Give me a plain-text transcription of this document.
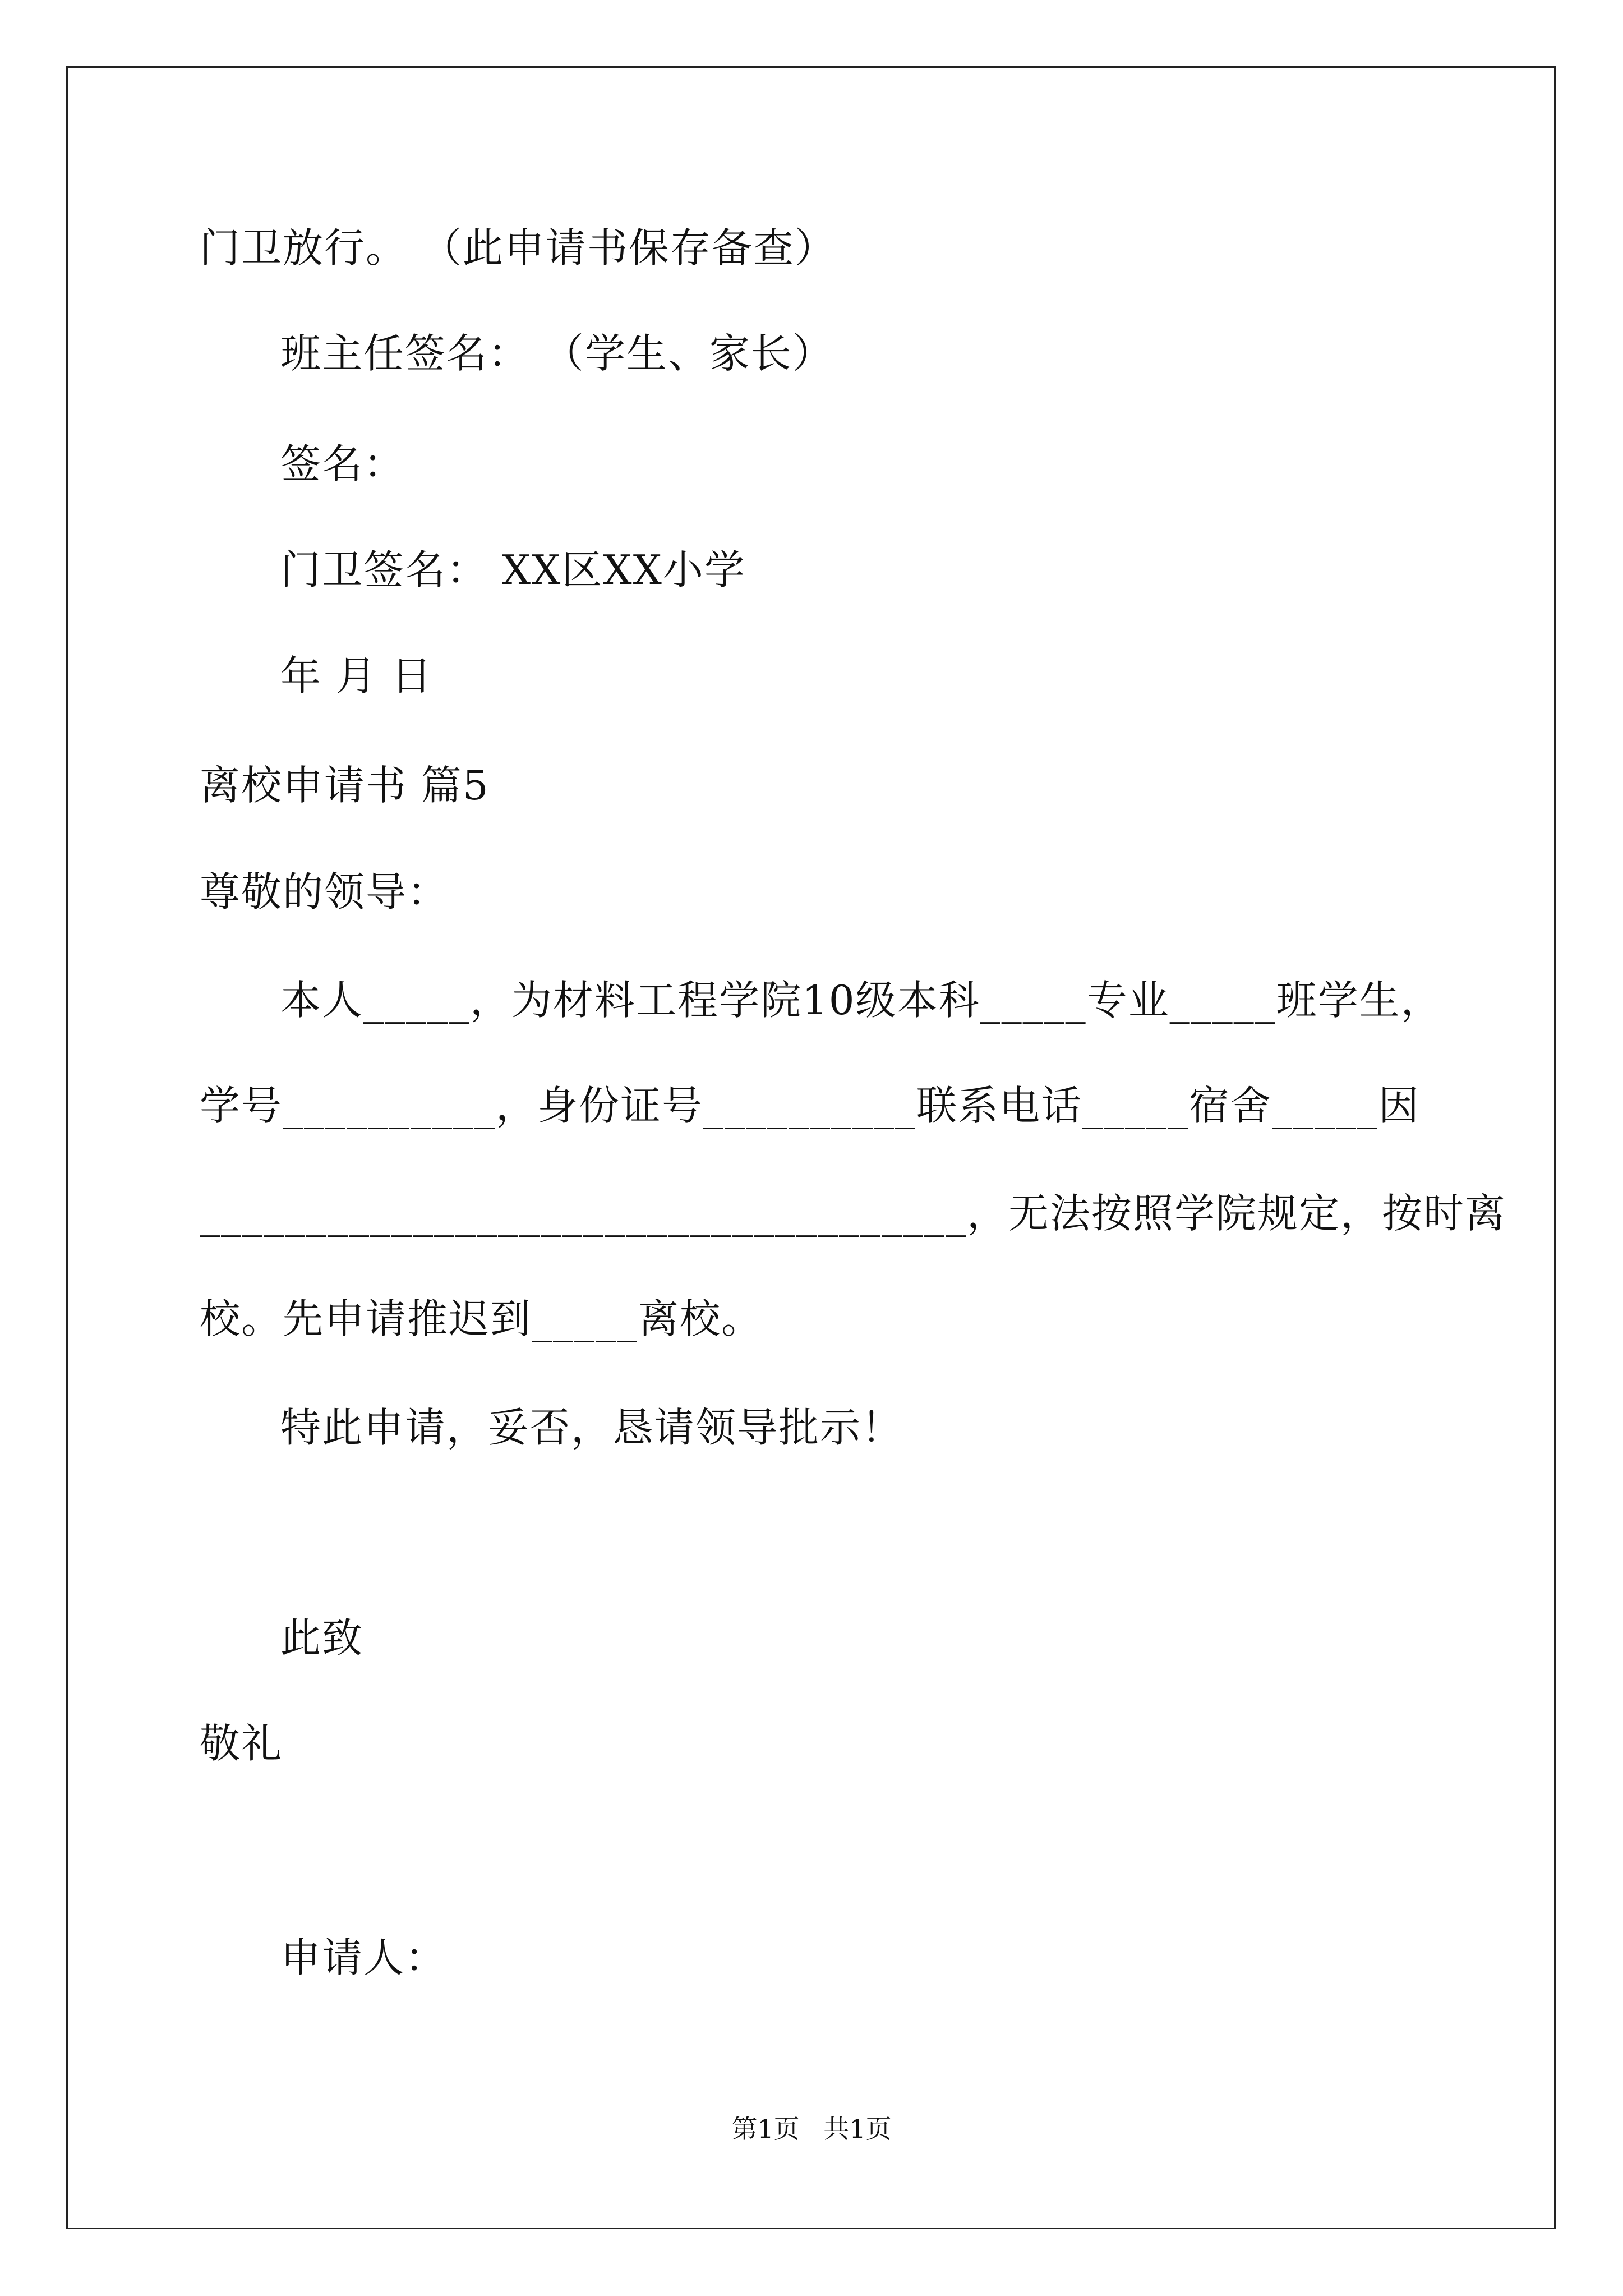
门卫放行。 （此申请书保存备查）
班主任签名： （学生、家长）
签名：
门卫签名： XX区XX小学
年 月 日
离校申请书 篇5
尊敬的领导：
本人_____，为材料工程学院10级本科_____专业_____班学生，
学号__________，身份证号__________联系电话_____宿舍_____因
____________________________________，无法按照学院规定，按时离
校。先申请推迟到_____离校。
特此申请，妥否，恳请领导批示！
此致
敬礼
申请人：
第1页 共1页
